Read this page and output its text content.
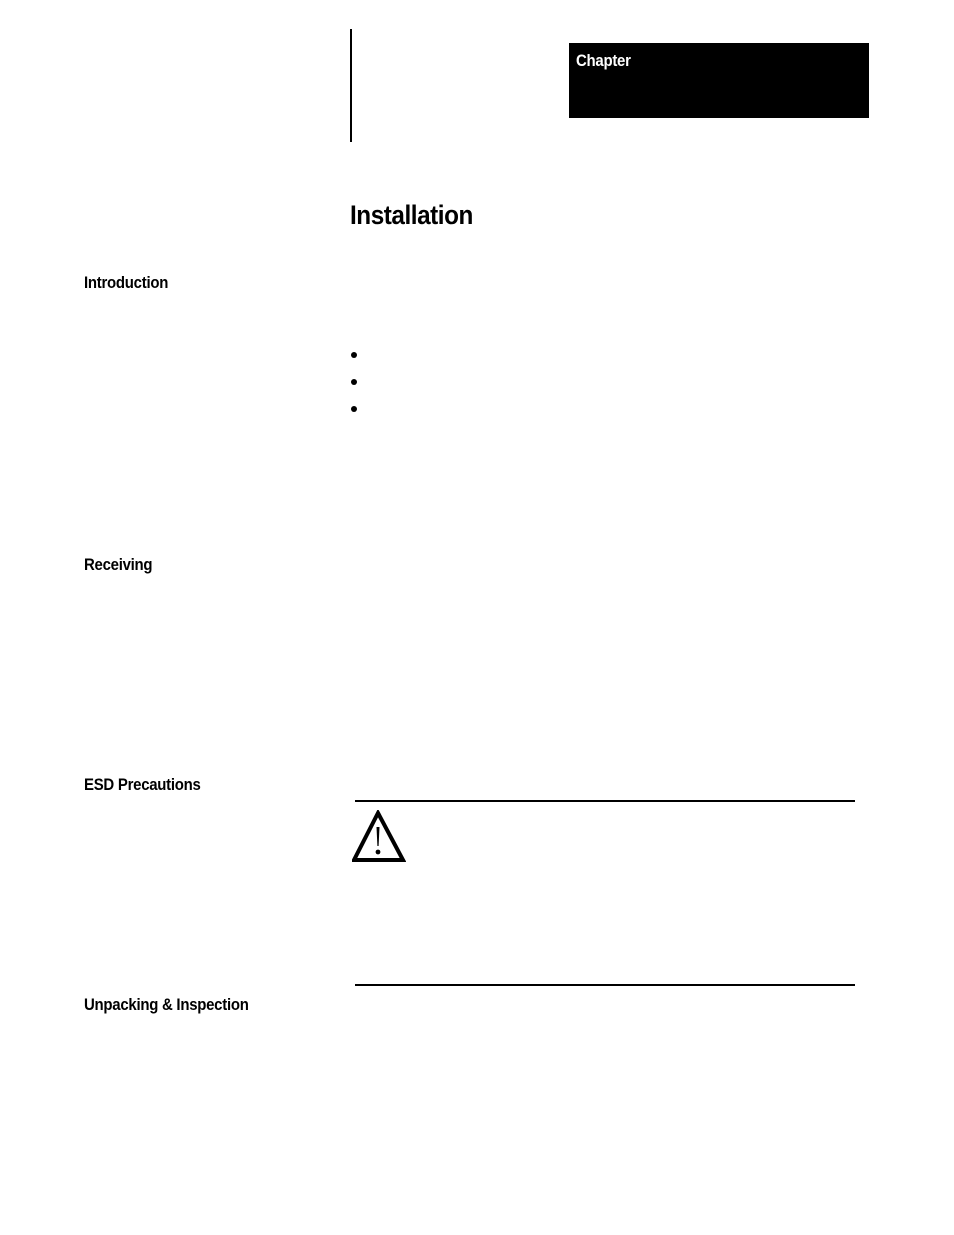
Chapter
Installation
Introduction
Receiving
ESD Precautions
Unpacking & Inspection
